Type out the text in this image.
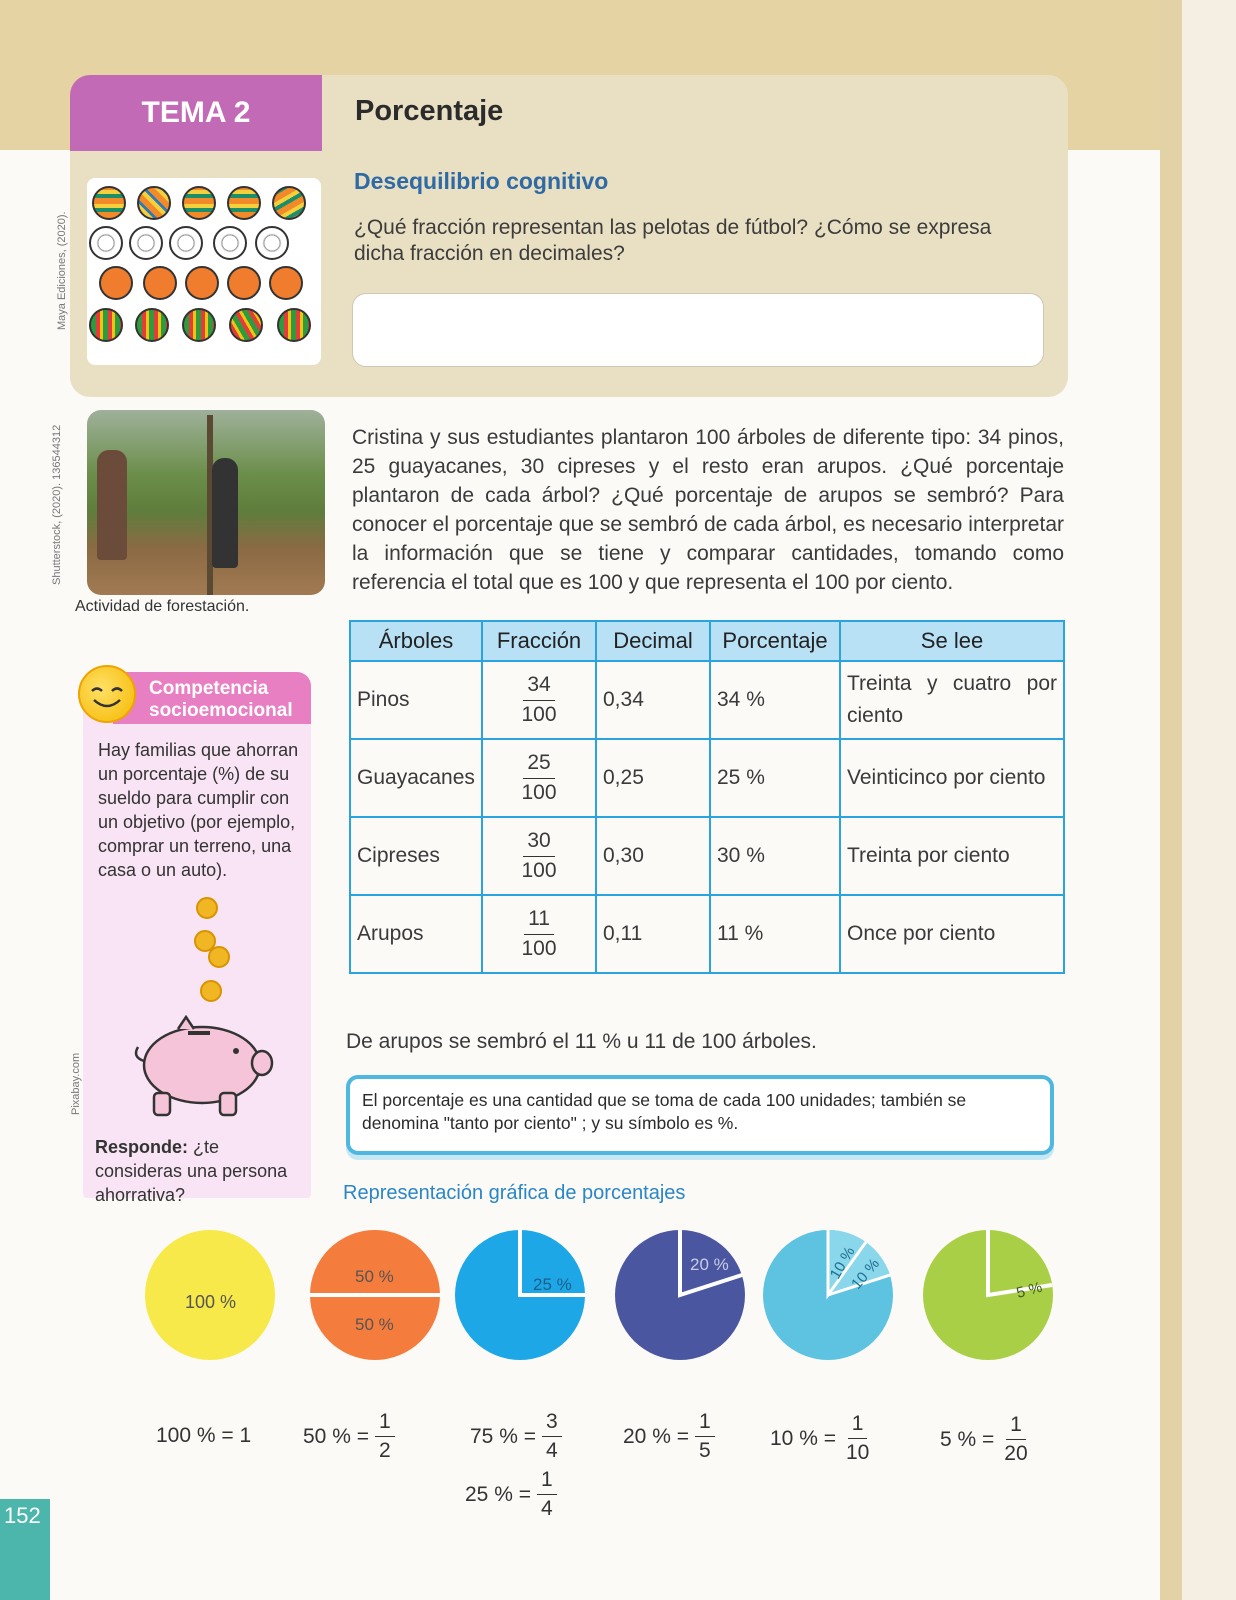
TEMA 2	Porcentaje
Desequilibrio cognitivo
¿Qué fracción representan las pelotas de fútbol? ¿Cómo se expresa dicha fracción en decimales?
Maya Ediciones, (2020).
Shutterstock, (2020). 136544312
Pixabay.com
Actividad de forestación.
Cristina y sus estudiantes plantaron 100 árboles de diferente tipo: 34 pinos, 25 guayacanes, 30 cipreses y el resto eran arupos. ¿Qué porcentaje plantaron de cada árbol? ¿Qué porcentaje de arupos se sembró? Para conocer el porcentaje que se sembró de cada árbol, es necesario interpretar la información que se tiene y comparar cantidades, tomando como referencia el total que es 100 y que representa el 100 por ciento.
Árboles	Fracción	Decimal	Porcentaje	Se lee
Pinos	$\frac{34}{100}$	0,34	34 %	Treinta y cuatro por ciento
Guayacanes	$\frac{25}{100}$	0,25	25 %	Veinticinco por ciento
Cipreses	$\frac{30}{100}$	0,30	30 %	Treinta por ciento
Arupos	$\frac{11}{100}$	0,11	11 %	Once por ciento
Competencia
socioemocional
Hay familias que ahorran un porcentaje (%) de su sueldo para cumplir con un objetivo (por ejemplo, comprar un terreno, una casa o un auto).
Responde: ¿te consideras una persona ahorrativa?
De arupos se sembró el 11 % u 11 de 100 árboles.
El porcentaje es una cantidad que se toma de cada 100 unidades; también se denomina "tanto por ciento" ; y su símbolo es %.
Representación gráfica de porcentajes
100 %
50 %
50 %
25 %
20 %	10 %
10 %	5 %
100 % = 1 50 % = $\frac{1}{2}$	75 % = $\frac{3}{4}$
25 % = $\frac{1}{4}$
20 % = $\frac{1}{5}$	10 % = $\frac{1}{10}$	5 % = $\frac{1}{20}$
152
